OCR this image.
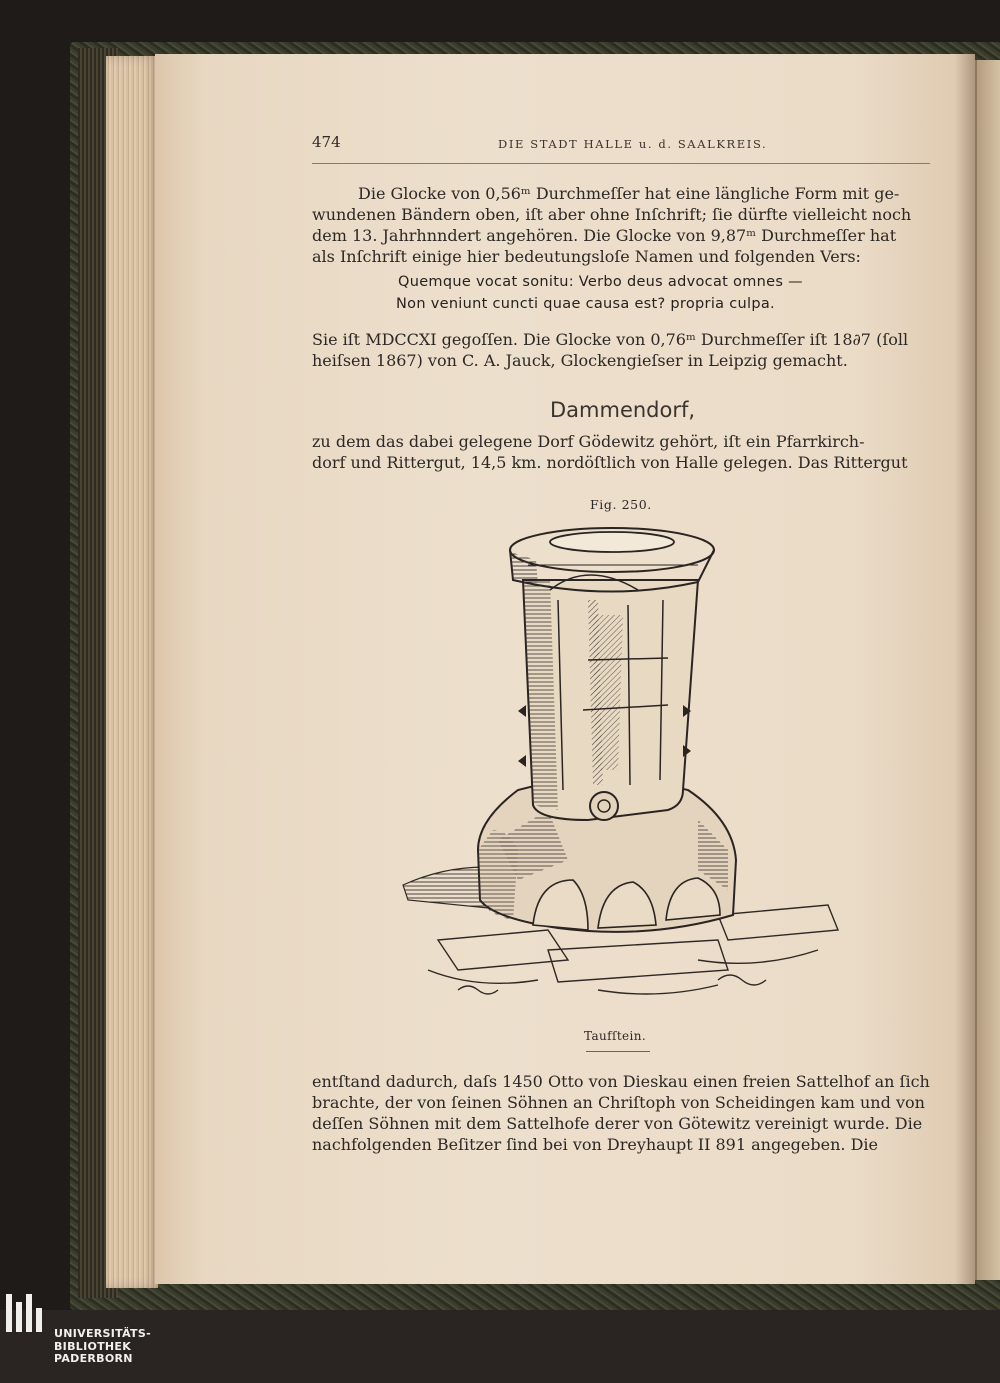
474	DIE STADT HALLE u. d. SAALKREIS.
Die Glocke von 0,56ᵐ Durchmeſſer hat eine längliche Form mit ge-
wundenen Bändern oben, iſt aber ohne Inſchrift; ſie dürfte vielleicht noch
dem 13. Jahrhnndert angehören. Die Glocke von 9,87ᵐ Durchmeſſer hat
als Inſchrift einige hier bedeutungsloſe Namen und folgenden Vers:
Quemque vocat sonitu: Verbo deus advocat omnes —
Non veniunt cuncti quae causa est? propria culpa.
Sie iſt MDCCXI gegoſſen. Die Glocke von 0,76ᵐ Durchmeſſer iſt 18∂7 (ſoll
heiſsen 1867) von C. A. Jauck, Glockengieſser in Leipzig gemacht.
Dammendorf,
zu dem das dabei gelegene Dorf Gödewitz gehört, iſt ein Pfarrkirch-
dorf und Rittergut, 14,5 km. nordöſtlich von Halle gelegen. Das Rittergut
Fig. 250.
Taufſtein.
entſtand dadurch, daſs 1450 Otto von Dieskau einen freien Sattelhof an ſich
brachte, der von ſeinen Söhnen an Chriſtoph von Scheidingen kam und von
deſſen Söhnen mit dem Sattelhofe derer von Götewitz vereinigt wurde. Die
nachfolgenden Beſitzer ſind bei von Dreyhaupt II 891 angegeben. Die
UNIVERSITÄTS-
BIBLIOTHEK
PADERBORN
